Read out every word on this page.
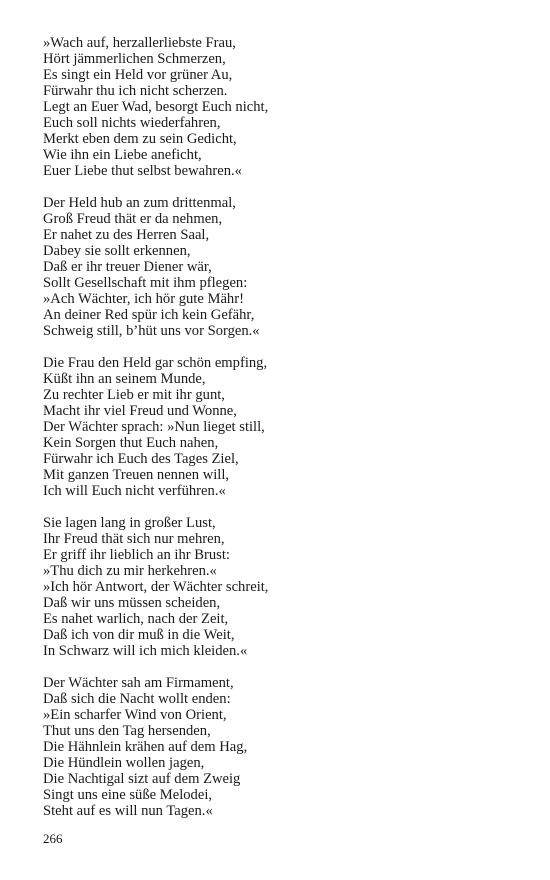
»Wach auf, herzallerliebste Frau,
Hört jämmerlichen Schmerzen,
Es singt ein Held vor grüner Au,
Fürwahr thu ich nicht scherzen.
Legt an Euer Wad, besorgt Euch nicht,
Euch soll nichts wiederfahren,
Merkt eben dem zu sein Gedicht,
Wie ihn ein Liebe aneficht,
Euer Liebe thut selbst bewahren.«
Der Held hub an zum drittenmal,
Groß Freud thät er da nehmen,
Er nahet zu des Herren Saal,
Dabey sie sollt erkennen,
Daß er ihr treuer Diener wär,
Sollt Gesellschaft mit ihm pflegen:
»Ach Wächter, ich hör gute Mähr!
An deiner Red spür ich kein Gefähr,
Schweig still, b’hüt uns vor Sorgen.«
Die Frau den Held gar schön empfing,
Küßt ihn an seinem Munde,
Zu rechter Lieb er mit ihr gunt,
Macht ihr viel Freud und Wonne,
Der Wächter sprach: »Nun lieget still,
Kein Sorgen thut Euch nahen,
Fürwahr ich Euch des Tages Ziel,
Mit ganzen Treuen nennen will,
Ich will Euch nicht verführen.«
Sie lagen lang in großer Lust,
Ihr Freud thät sich nur mehren,
Er griff ihr lieblich an ihr Brust:
»Thu dich zu mir herkehren.«
»Ich hör Antwort, der Wächter schreit,
Daß wir uns müssen scheiden,
Es nahet warlich, nach der Zeit,
Daß ich von dir muß in die Weit,
In Schwarz will ich mich kleiden.«
Der Wächter sah am Firmament,
Daß sich die Nacht wollt enden:
»Ein scharfer Wind von Orient,
Thut uns den Tag hersenden,
Die Hähnlein krähen auf dem Hag,
Die Hündlein wollen jagen,
Die Nachtigal sizt auf dem Zweig
Singt uns eine süße Melodei,
Steht auf es will nun Tagen.«
266
